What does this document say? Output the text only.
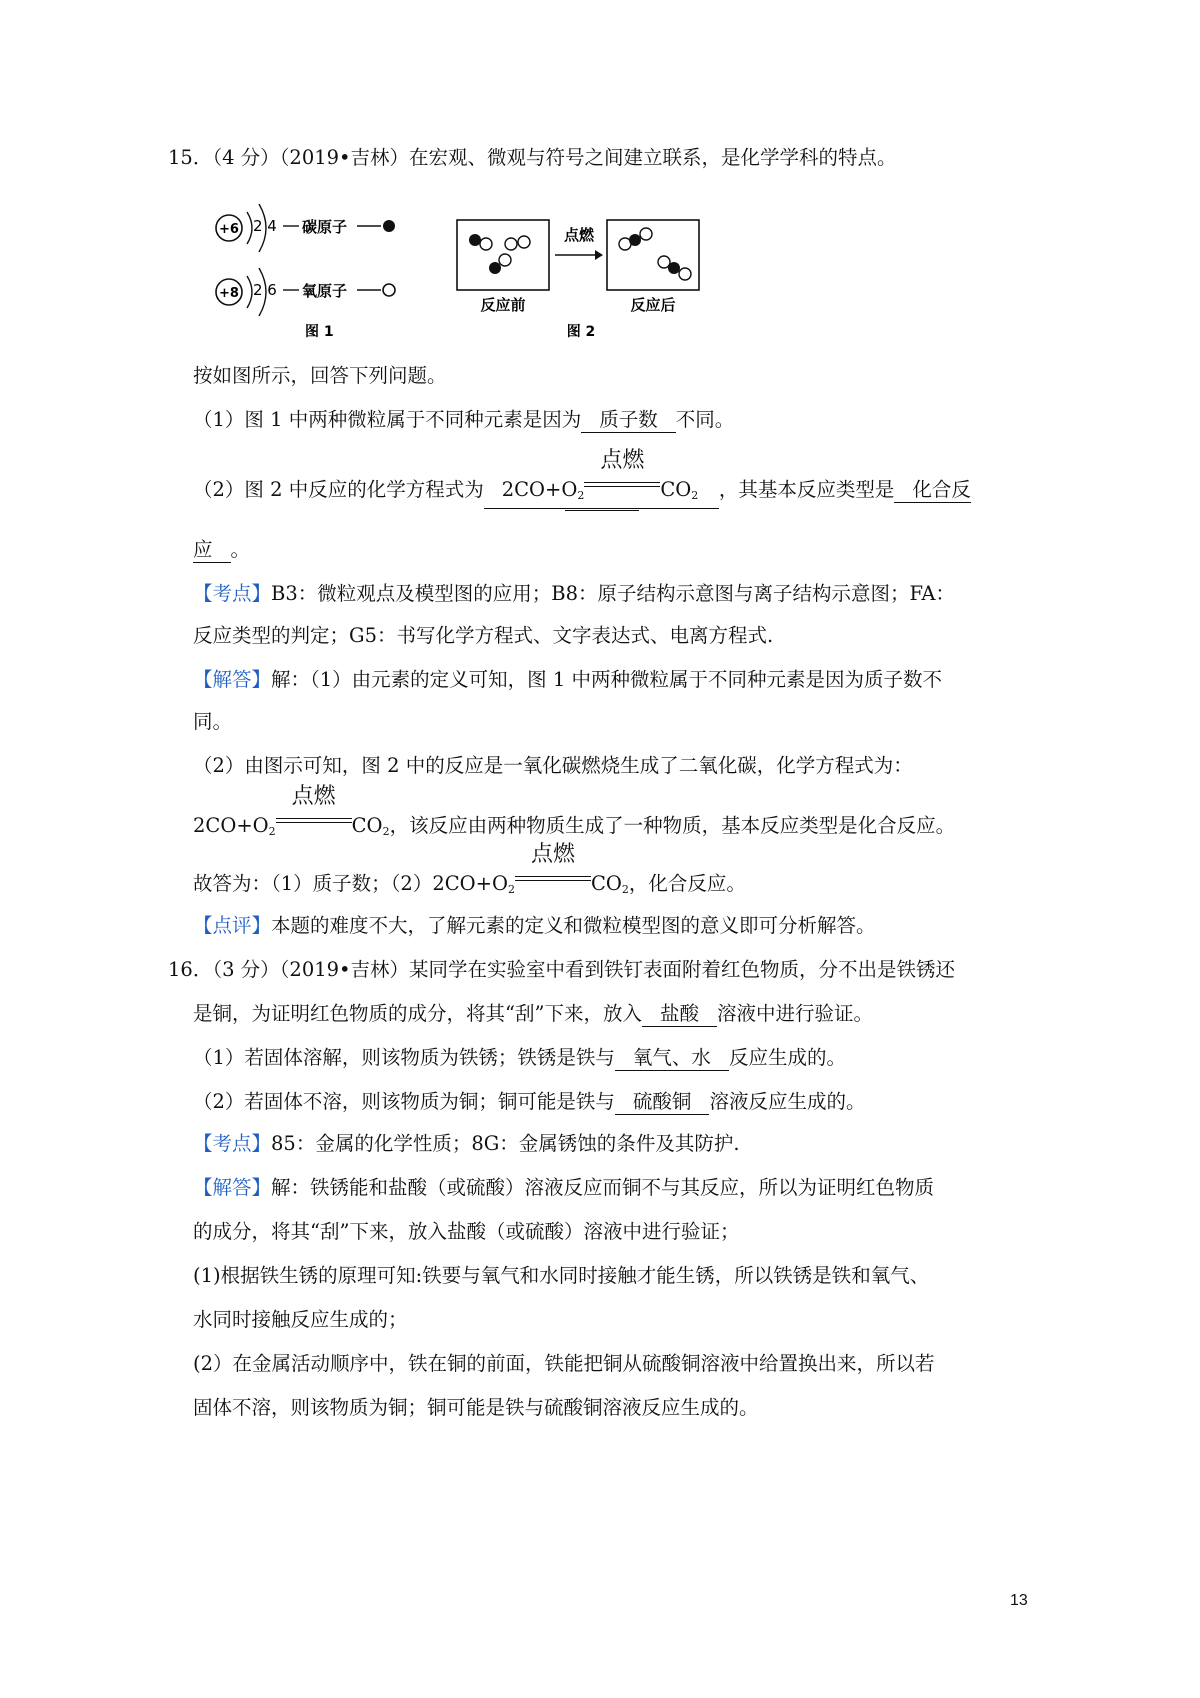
15．（4 分）（2019•吉林）在宏观、微观与符号之间建立联系，是化学学科的特点。
+6 2 4 碳原子
+8 2 6 氧原子
图 1
点燃
反应前	反应后
图 2
按如图所示，回答下列问题。
（1）图 1 中两种微粒属于不同种元素是因为 质子数 不同。
（2）图 2 中反应的化学方程式为 $2CO+O_2$
点燃
$CO_2$ ，其基本反应类型是 化合反
应 。
【考点】B3：微粒观点及模型图的应用；B8：原子结构示意图与离子结构示意图；FA：
反应类型的判定；G5：书写化学方程式、文字表达式、电离方程式.
【解答】解：（1）由元素的定义可知，图 1 中两种微粒属于不同种元素是因为质子数不
同。
（2）由图示可知，图 2 中的反应是一氧化碳燃烧生成了二氧化碳，化学方程式为：
$2CO+O_2$
点燃
$CO_2$，该反应由两种物质生成了一种物质，基本反应类型是化合反应。
故答为：（1）质子数；$(2)2CO+O_2$
点燃
$CO_2$，化合反应。
【点评】本题的难度不大，了解元素的定义和微粒模型图的意义即可分析解答。
16．（3 分）（2019•吉林）某同学在实验室中看到铁钉表面附着红色物质，分不出是铁锈还
是铜，为证明红色物质的成分，将其“刮”下来，放入 盐酸 溶液中进行验证。
（1）若固体溶解，则该物质为铁锈；铁锈是铁与 氧气、水 反应生成的。
（2）若固体不溶，则该物质为铜；铜可能是铁与 硫酸铜 溶液反应生成的。
【考点】85：金属的化学性质；8G：金属锈蚀的条件及其防护.
【解答】解：铁锈能和盐酸（或硫酸）溶液反应而铜不与其反应，所以为证明红色物质
的成分，将其“刮”下来，放入盐酸（或硫酸）溶液中进行验证；
(1)根据铁生锈的原理可知:铁要与氧气和水同时接触才能生锈，所以铁锈是铁和氧气、
水同时接触反应生成的；
(2）在金属活动顺序中，铁在铜的前面，铁能把铜从硫酸铜溶液中给置换出来，所以若
固体不溶，则该物质为铜；铜可能是铁与硫酸铜溶液反应生成的。
13
